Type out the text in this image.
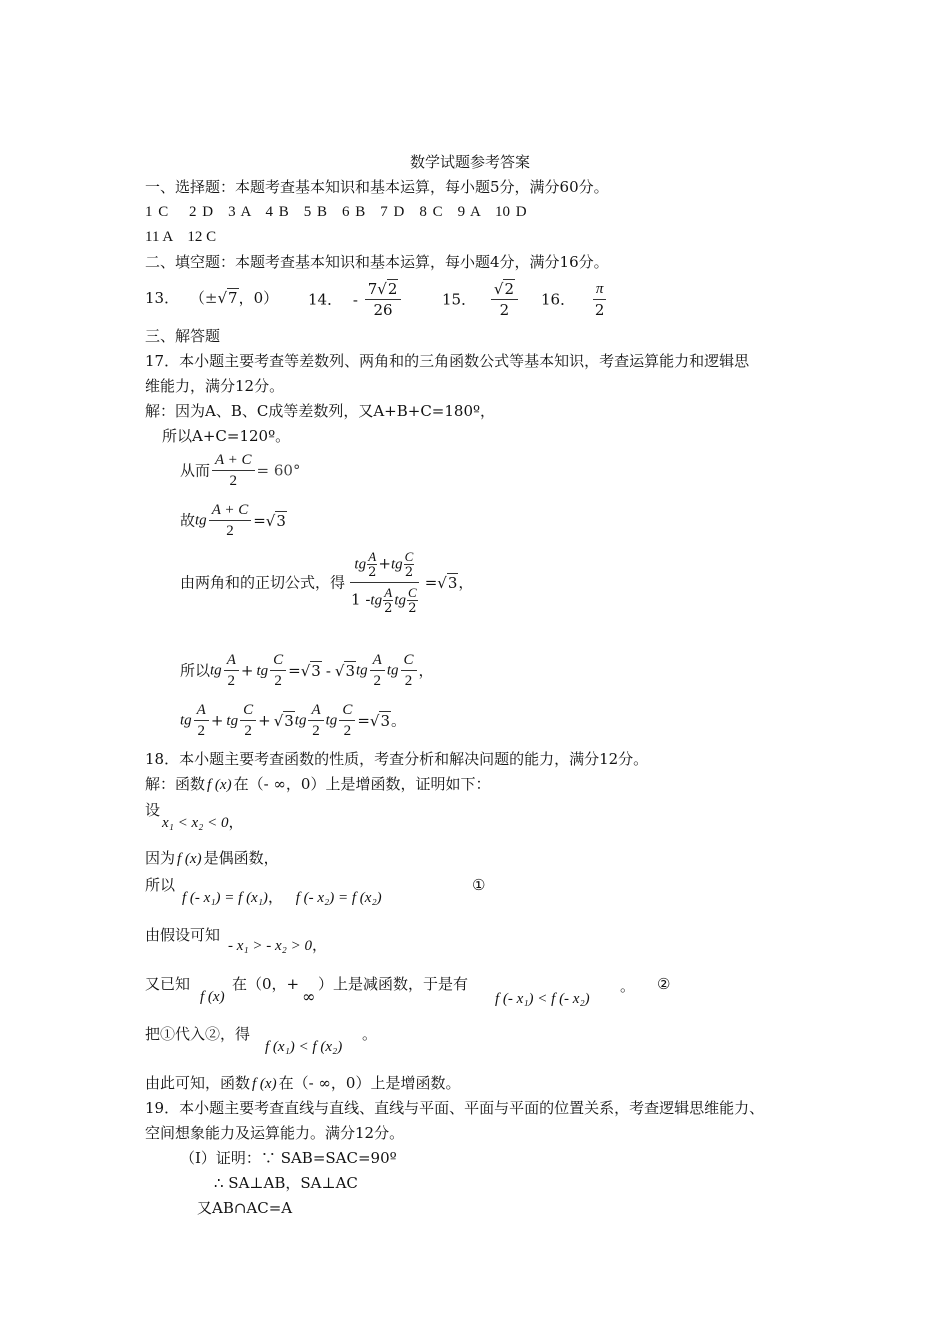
数学试题参考答案
一、选择题：本题考查基本知识和基本运算，每小题5分，满分60分。
1 C　 2 D　3 A　4 B　5 B　6 B　7 D　8 C　9 A　10 D
11 A　12 C
二、填空题：本题考查基本知识和基本运算，每小题4分，满分16分。
13． （±√7，0） 14． - $\frac{7√2}{26}$	15． $\frac{√2}{2} 16$． $\frac{\pi}{2}$
三、解答题
17．本小题主要考查等差数列、两角和的三角函数公式等基本知识，考查运算能力和逻辑思
维能力，满分12分。
解：因为A、B、C成等差数列，又A+B+C=180º，
所以A+C=120º。
从而 $\frac{A + C}{2} = 60^\circ$
故tg $\frac{A + C}{2} =√3$
由两角和的正切公式，得 $\frac{tg \frac{A}{2} +tg \frac{C}{2}}{1 -tg \frac{A}{2} tg \frac{C}{2}} =√3$，
所以tg $\frac{A}{2}$ + tg $\frac{C}{2} =√3 - √3tg \frac{A}{2}$ tg $\frac{C}{2}$ ，
tg $\frac{A}{2}$ + tg $\frac{C}{2} + √3tg \frac{A}{2}$ tg $\frac{C}{2} =√3$。
18．本小题主要考查函数的性质，考查分析和解决问题的能力，满分12分。
解：函数 f (x) 在（- ∞，0）上是增函数，证明如下：
设
x₁ < x₂ < 0，
因为 f (x) 是偶函数，
所以
f (- x₁) = f (x₁)， f (- x₂) = f (x₂)
①
由假设可知
- x₁ > - x₂ > 0，
又已知
f (x)
在（0，+
∞
）上是减函数，于是有
f (- x₁) < f (- x₂)
。 ②
把①代入②，得
f (x₁) < f (x₂)
。
由此可知，函数 f (x) 在（- ∞，0）上是增函数。
19．本小题主要考查直线与直线、直线与平面、平面与平面的位置关系，考查逻辑思维能力、
空间想象能力及运算能力。满分12分。
（I）证明：∵ SAB=SAC=90º
∴ SA⊥AB，SA⊥AC
又AB∩AC=A
